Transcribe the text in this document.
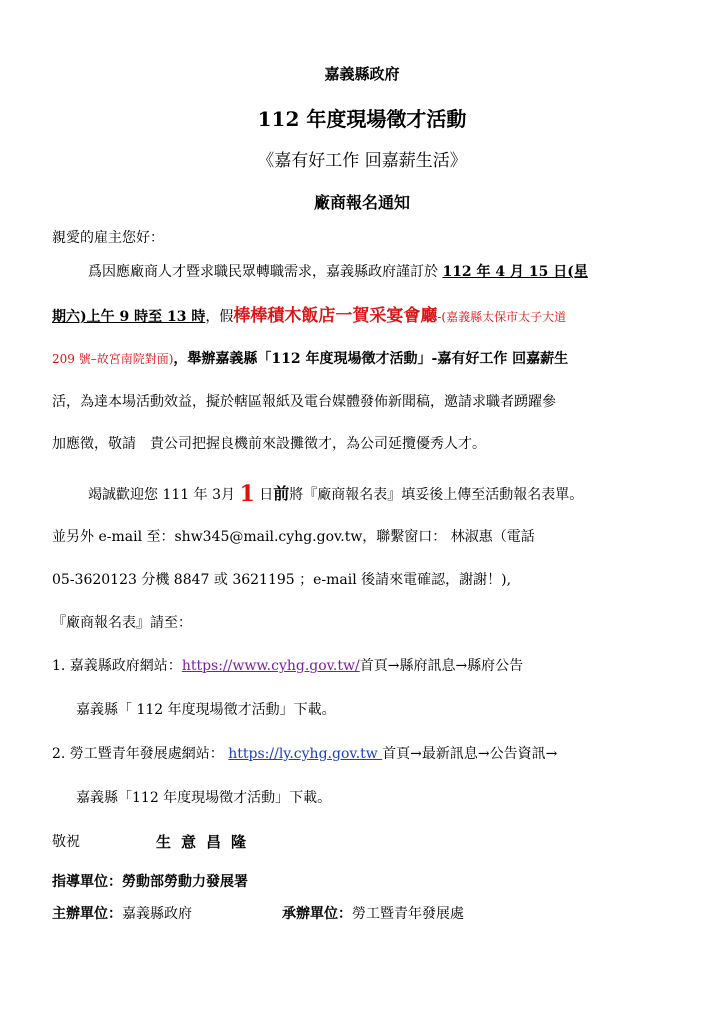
嘉義縣政府
112 年度現場徵才活動
《嘉有好工作 回嘉薪生活》
廠商報名通知
親愛的雇主您好：
爲因應廠商人才暨求職民眾轉職需求，嘉義縣政府謹訂於 112 年 4 月 15 日(星
期六)上午 9 時至 13 時，假棒棒積木飯店一賀采宴會廳-(嘉義縣太保市太子大道
209 號–故宮南院對面)，舉辦嘉義縣「112 年度現場徵才活動」-嘉有好工作 回嘉薪生
活，為達本場活動效益，擬於轄區報紙及電台媒體發佈新聞稿，邀請求職者踴躍參
加應徵，敬請　貴公司把握良機前來設攤徵才，為公司延攬優秀人才。
竭誠歡迎您 111 年 3月 1 日前將『廠商報名表』填妥後上傳至活動報名表單。
並另外 e-mail 至：shw345@mail.cyhg.gov.tw，聯繫窗口： 林淑惠（電話
05-3620123 分機 8847 或 3621195 ；e-mail 後請來電確認，謝謝！),
『廠商報名表』請至：
1. 嘉義縣政府網站：https://www.cyhg.gov.tw/首頁→縣府訊息→縣府公告
嘉義縣「 112 年度現場徵才活動」下載。
2. 勞工暨青年發展處網站： https://ly.cyhg.gov.tw 首頁→最新訊息→公告資訊→
嘉義縣「112 年度現場徵才活動」下載。
敬祝	生意昌隆
指導單位：勞動部勞動力發展署
主辦單位：嘉義縣政府	承辦單位：勞工暨青年發展處
